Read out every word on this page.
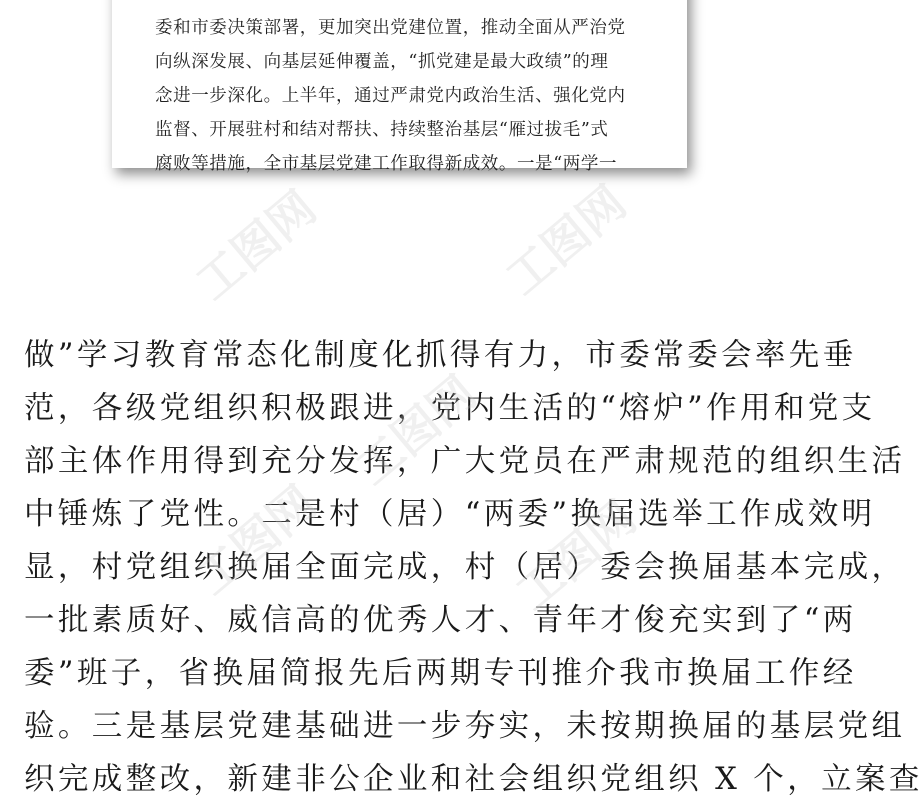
委和市委决策部署，更加突出党建位置，推动全面从严治党
向纵深发展、向基层延伸覆盖，“抓党建是最大政绩”的理
念进一步深化。上半年，通过严肃党内政治生活、强化党内
监督、开展驻村和结对帮扶、持续整治基层“雁过拔毛”式
腐败等措施，全市基层党建工作取得新成效。一是“两学一
做”学习教育常态化制度化抓得有力，市委常委会率先垂
范，各级党组织积极跟进，党内生活的“熔炉”作用和党支
部主体作用得到充分发挥，广大党员在严肃规范的组织生活
中锤炼了党性。二是村（居）“两委”换届选举工作成效明
显，村党组织换届全面完成，村（居）委会换届基本完成，
一批素质好、威信高的优秀人才、青年才俊充实到了“两
委”班子，省换届简报先后两期专刊推介我市换届工作经
验。三是基层党建基础进一步夯实，未按期换届的基层党组
织完成整改，新建非公企业和社会组织党组织 X 个，立案查
工图网	工图网
工图网
工图网
工图网
